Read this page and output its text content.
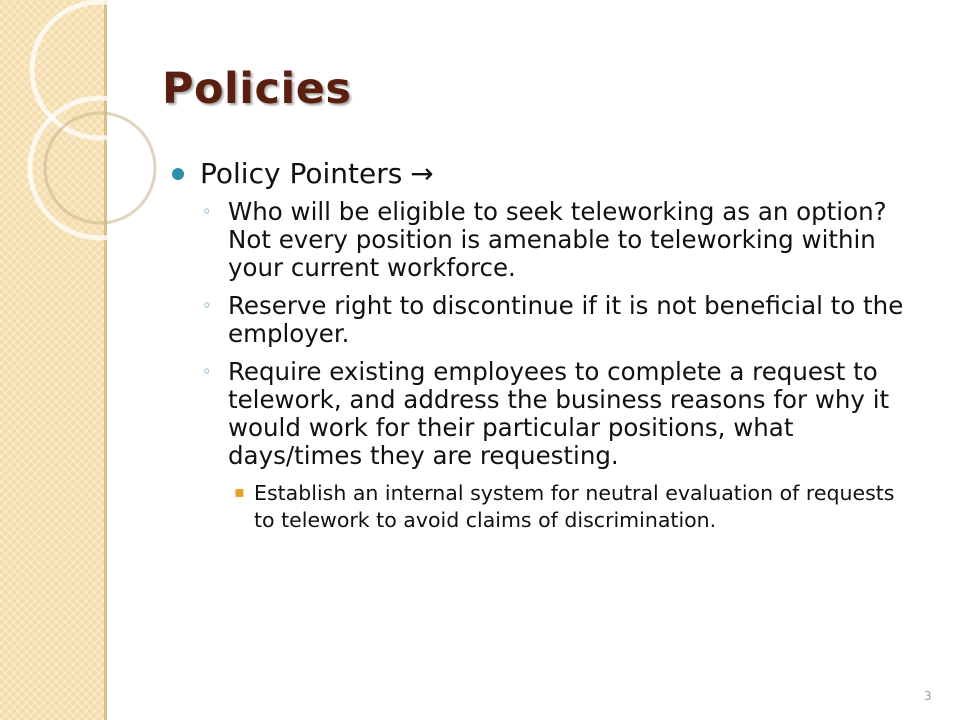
Policies
Policy Pointers →
◦ Who will be eligible to seek teleworking as an option? Not every position is amenable to teleworking within your current workforce.
◦ Reserve right to discontinue if it is not beneficial to the employer.
◦ Require existing employees to complete a request to telework, and address the business reasons for why it would work for their particular positions, what days/times they are requesting.
▪ Establish an internal system for neutral evaluation of requests to telework to avoid claims of discrimination.
3
